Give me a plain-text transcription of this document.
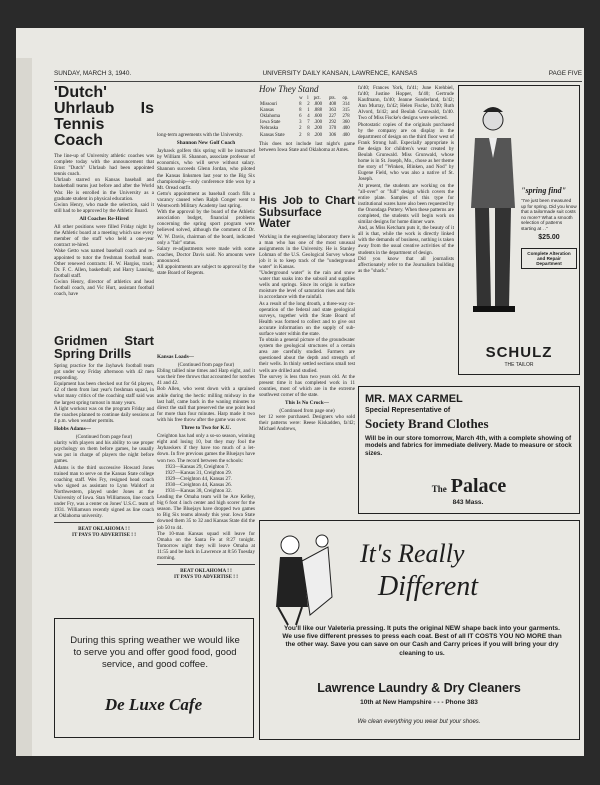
SUNDAY, MARCH 3, 1940.	UNIVERSITY DAILY KANSAN, LAWRENCE, KANSAS	PAGE FIVE
'Dutch' Uhrlaub Is Tennis Coach

The line-up of University athletic coaches was complete today with the announcement that Ernst "Dutch" Uhrlaub had been appointed tennis coach.

Uhrlaub starred on Kansas baseball and basketball teams just before and after the World War. He is enrolled in the University as a graduate student in physical education.

Gwinn Henry, who made the selection, said it still had to be approved by the Athletic Board.

All Coaches Re-Hired

All other positions were filled Friday night by the Athletic board at a meeting which saw every member of the staff who held a one-year contract re-hired.

Wake Getto was named baseball coach and re-appointed to tutor the freshman football team. Other renewed contracts: H. W. Hargiss, track; Dr. F. C. Allen, basketball; and Harry Lansing, football staff.

Gwinn Henry, director of athletics and head football coach, and Vic Hurt, assistant football coach, have

long-term agreements with the University.

Shannon New Golf Coach

Jayhawk golfers this spring will be instructed by William H. Shannon, associate professor of economics, who will serve without salary. Shannon succeeds Glenn Jordan, who piloted the Kansas linksmen last year to the Big Six championship—only conference title won by a Mt. Oread outfit.

Getto's appointment as baseball coach fills a vacancy caused when Ralph Conger went to Wentworth Military Academy last spring.

With the approval by the board of the Athletic association budget, financial problems concerning the spring sport program were believed solved, although the comment of Dr. W. W. Davis, chairman of the board, indicated only a "fair" status.

Salary re-adjustments were made with some coaches, Doctor Davis said. No amounts were announced.

All appointments are subject to approval by the state Board of Regents.

How They Stand
	w	l	pct.	pts.	op.
Missouri	8	2	.800	408	314
Kansas	8	1	.888	363	315
Oklahoma	6	4	.600	227	278
Iowa State	3	7	.300	292	360
Nebraska	2	8	.200	370	400
Kansas State	2	8	.200	306	400

This does not include last night's game between Iowa State and Oklahoma at Ames.

His Job to Chart Subsurface Water

Working in the engineering laboratory there is a man who has one of the most unusual assignments in the University. He is Stanley Lohman of the U.S. Geological Survey whose job it is to keep track of the "underground water" in Kansas.

"Underground water" is the rain and snow water that soaks into the subsoil and supplies wells and springs. Since its origin is surface moisture the level of saturation rises and falls in accordance with the rainfall.

As a result of the long drouth, a three-way co-operation of the federal and state geological surveys, together with the State Board of Health was formed to collect and to give out accurate information on the supply of sub-surface water within the state.

To obtain a general picture of the groundwater system the geological structures of a certain area are carefully studied. Farmers are questioned about the depth and strength of their wells. In thinly settled sections small test wells are drilled and studied.

The survey is less than two years old. At the present time it has completed work in 11 counties, most of which are in the extreme southwest corner of the state.

This Is No Crock—
(Continued from page one)

ber 12 were purchased. Designers who sold their patterns were: Reese Kiskadden, fa'42; Michael Andrews,

fa'40; Frances York, fa'41; June Krehbiel, fa'40; Justine Hopper, fa'40; Gertrude Kaufmann, fa'40; Jeanne Sunderland, fa'42; Ann Murray, fa'42; Helen Fiscke, fa'40; Ruth Alvord, fa'42; and Beulah Grunwald, fa'40. Two of Miss Fiscke's designs were selected.

Photostatic copies of the originals purchased by the company are on display in the department of design on the third floor west of Frank Strong hall. Especially appropriate is the design for children's wear created by Beulah Grunwald. Miss Grunwald, whose home is in St. Joseph, Mo., chose as her theme the story of "Winken, Blinken, and Nod" by Eugene Field, who was also a native of St. Joseph.

At present, the students are working on the "all-over" or "full" design which covers the entire plate. Samples of this type for institutional wares have also been requested by the Onondaga Pottery. When these patterns are completed, the students will begin work on similar designs for home dinner ware.

And, as Miss Ketcham puts it, the beauty of it all is that, while the work is directly linked with the demands of business, nothing is taken away from the usual creative activities of the students in the department of design.

Did you know that all journalists affectionately refer to the Journalism building as the "shack."

"spring find"
"I've just been measured up for spring. Did you know that a tailormade suit costs no more? What a smooth selection of patterns starting at . ."
$25.00
Complete Alteration and Repair Department
SCHULZ
THE TAILOR
Gridmen Start Spring Drills

Spring practice for the Jayhawk football team got under way Friday afternoon with 42 men responding.

Equipment has been checked out for 64 players, 42 of them from last year's freshman squad, in what many critics of the coaching staff said was the largest spring turnout in many years.

A light workout was on the program Friday and the coaches planned to continue daily sessions at 4 p.m. when weather permits.

Hobbs Adams—
(Continued from page four)

ularity with players and his ability to use proper psychology on them before games, he usually was put in charge of players the night before games.

Adams is the third successive Howard Jones trained man to serve on the Kansas State college coaching staff. Wes Fry, resigned head coach who signed as assistant to Lynn Waldorf at Northwestern, played under Jones at the University of Iowa. Stan Williamson, line coach under Fry, was a center on Jones' U.S.C. team of 1931. Williamson recently signed as line coach at Oklahoma university.

BEAT OKLAHOMA ! !
IT PAYS TO ADVERTISE ! !
Kansas Loads—
(Continued from page four)

Ebling tallied nine times and Harp eight, and it was their free throws that accounted for notches 41 and 42.

Bob Allen, who went down with a sprained ankle during the hectic milling midway in the last half, came back in the waning minutes to direct the stall that preserved the one point lead for more than four minutes. Harp made it two with his free throw after the game was over.

Three to Two for K.U.

Creighton has had only a so-so season, winning eight and losing 10, but they may fool the Jayhawkers if they have too much of a let-down. In five previous games the Bluejays have won two. The record between the schools:

1923—Kansas 29, Creighton 7.
1927—Kansas 31, Creighton 29.
1929—Creighton 44, Kansas 27.
1930—Creighton 44, Kansas 26.
1931—Kansas 38, Creighton 32.

Leading the Omaha team will be Ace Kelley, big 6 foot 4 inch center and high scorer for the season. The Bluejays have dropped two games to Big Six teams already this year. Iowa State downed them 35 to 32 and Kansas State did the job 50 to 44.

The 10-man Kansas squad will leave for Omaha on the Santa Fe at 8:27 tonight. Tomorrow night they will leave Omaha at 11:55 and be back in Lawrence at 8:56 Tuesday morning.

BEAT OKLAHOMA ! !
IT PAYS TO ADVERTISE ! !
MR. MAX CARMEL
Special Representative of
Society Brand Clothes
Will be in our store tomorrow, March 4th, with a complete showing of models and fabrics for immediate delivery. Made to measure or stock sizes.
The Palace
843 Mass.
It's Really
Different
You'll like our Valeteria pressing. It puts the original NEW shape back into your garments. We use five different presses to press each coat. Best of all IT COSTS YOU NO MORE than the other way. Save you can save on our Cash and Carry prices if you will bring your dry cleaning to us.
Lawrence Laundry & Dry Cleaners
10th at New Hampshire - - - Phone 383
We clean everything you wear but your shoes.
During this spring weather we would like to serve you and offer good food, good service, and good coffee.
De Luxe Cafe
